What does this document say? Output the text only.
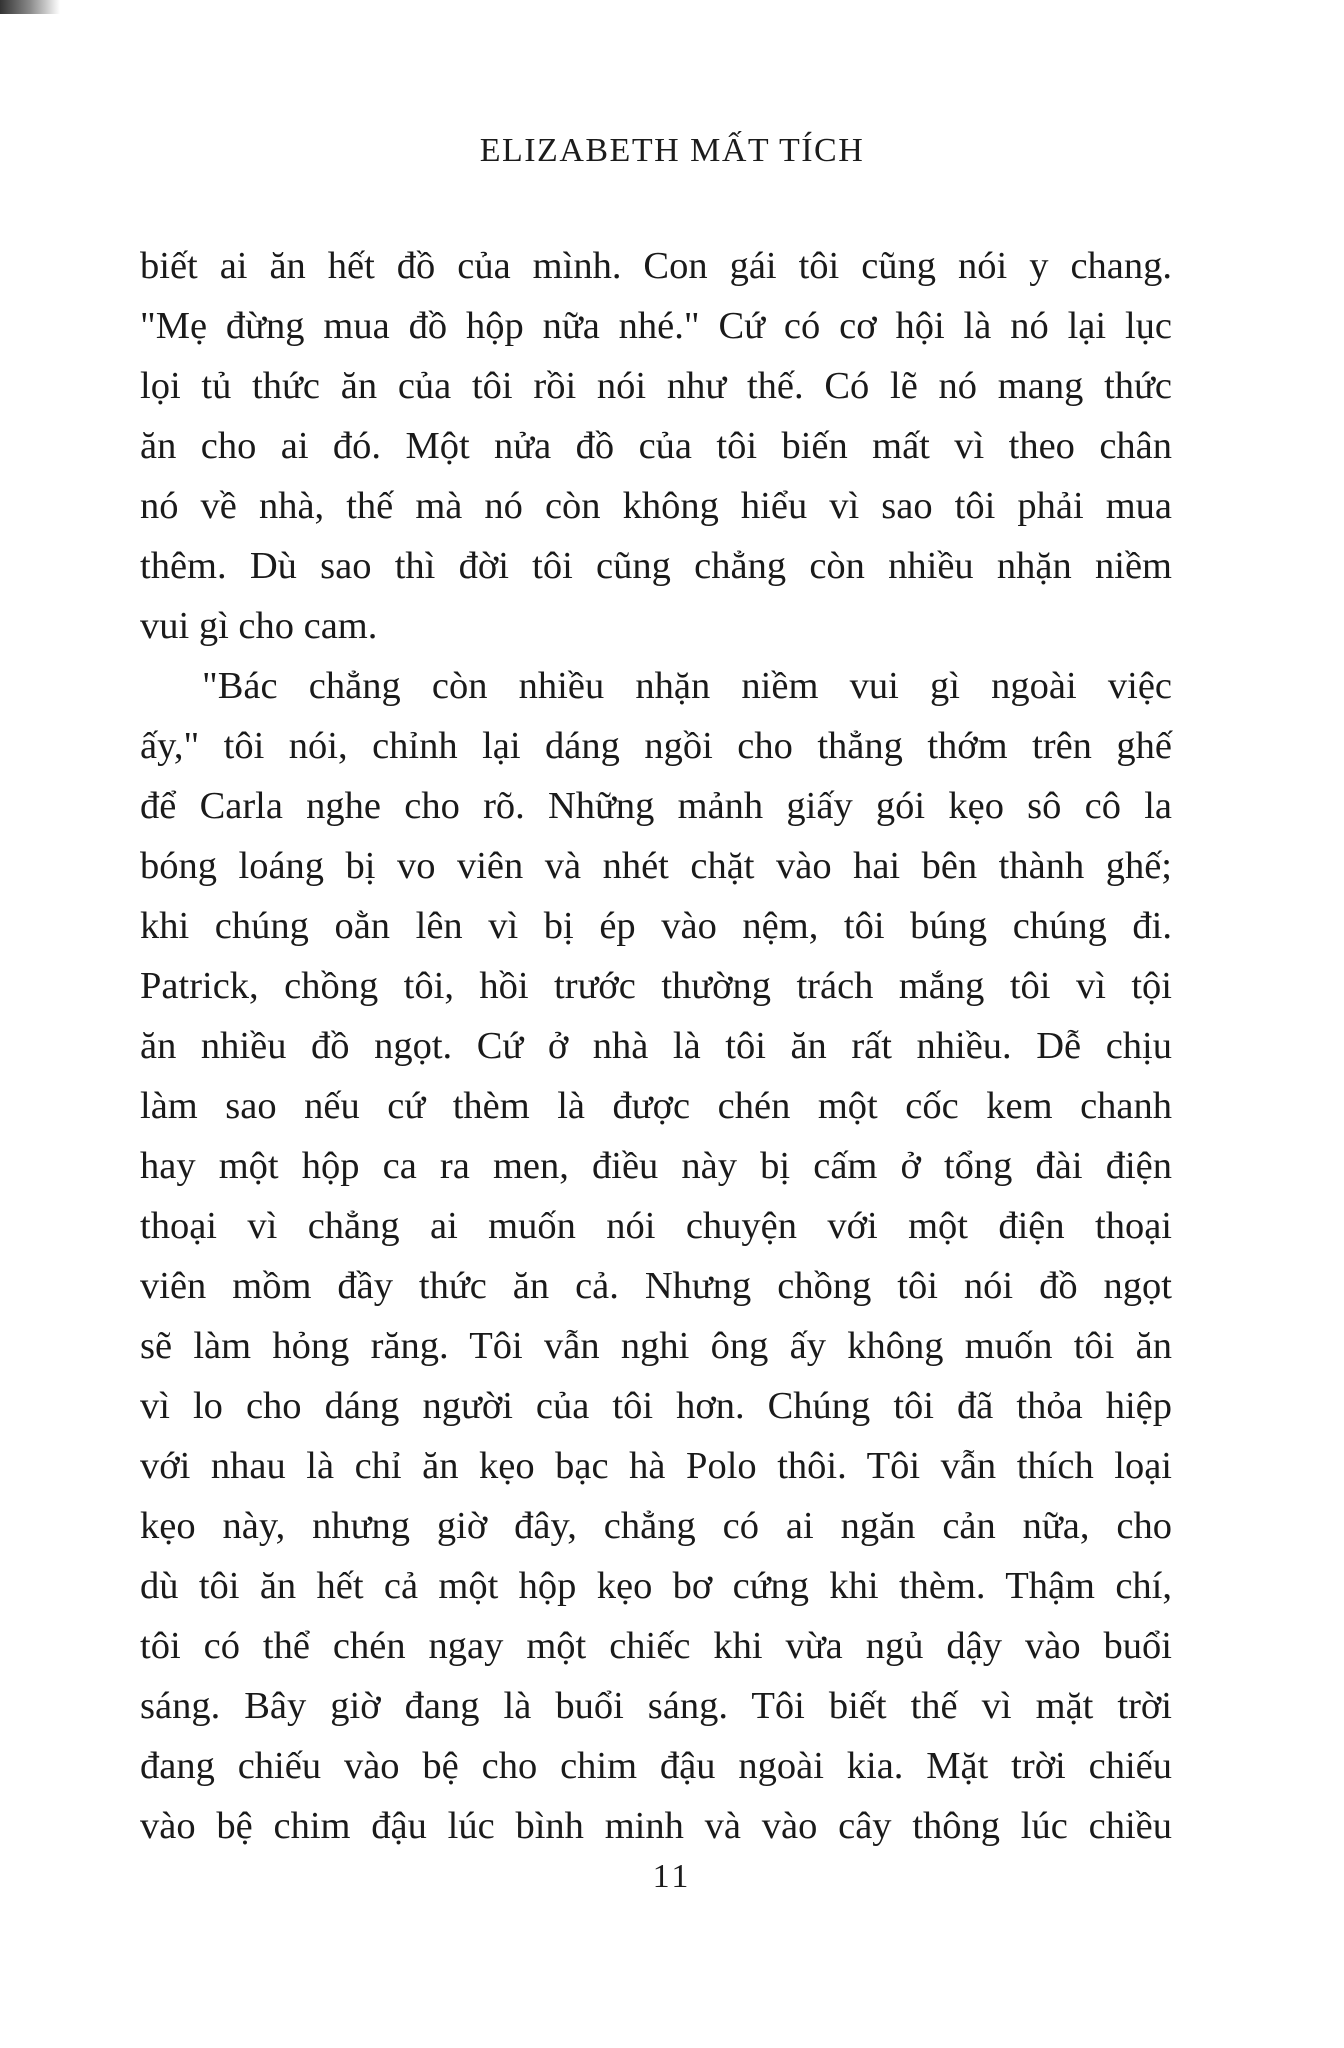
ELIZABETH MẤT TÍCH
biết ai ăn hết đồ của mình. Con gái tôi cũng nói y chang.
"Mẹ đừng mua đồ hộp nữa nhé." Cứ có cơ hội là nó lại lục
lọi tủ thức ăn của tôi rồi nói như thế. Có lẽ nó mang thức
ăn cho ai đó. Một nửa đồ của tôi biến mất vì theo chân
nó về nhà, thế mà nó còn không hiểu vì sao tôi phải mua
thêm. Dù sao thì đời tôi cũng chẳng còn nhiều nhặn niềm
vui gì cho cam.
"Bác chẳng còn nhiều nhặn niềm vui gì ngoài việc
ấy," tôi nói, chỉnh lại dáng ngồi cho thẳng thớm trên ghế
để Carla nghe cho rõ. Những mảnh giấy gói kẹo sô cô la
bóng loáng bị vo viên và nhét chặt vào hai bên thành ghế;
khi chúng oằn lên vì bị ép vào nệm, tôi búng chúng đi.
Patrick, chồng tôi, hồi trước thường trách mắng tôi vì tội
ăn nhiều đồ ngọt. Cứ ở nhà là tôi ăn rất nhiều. Dễ chịu
làm sao nếu cứ thèm là được chén một cốc kem chanh
hay một hộp ca ra men, điều này bị cấm ở tổng đài điện
thoại vì chẳng ai muốn nói chuyện với một điện thoại
viên mồm đầy thức ăn cả. Nhưng chồng tôi nói đồ ngọt
sẽ làm hỏng răng. Tôi vẫn nghi ông ấy không muốn tôi ăn
vì lo cho dáng người của tôi hơn. Chúng tôi đã thỏa hiệp
với nhau là chỉ ăn kẹo bạc hà Polo thôi. Tôi vẫn thích loại
kẹo này, nhưng giờ đây, chẳng có ai ngăn cản nữa, cho
dù tôi ăn hết cả một hộp kẹo bơ cứng khi thèm. Thậm chí,
tôi có thể chén ngay một chiếc khi vừa ngủ dậy vào buổi
sáng. Bây giờ đang là buổi sáng. Tôi biết thế vì mặt trời
đang chiếu vào bệ cho chim đậu ngoài kia. Mặt trời chiếu
vào bệ chim đậu lúc bình minh và vào cây thông lúc chiều
11
